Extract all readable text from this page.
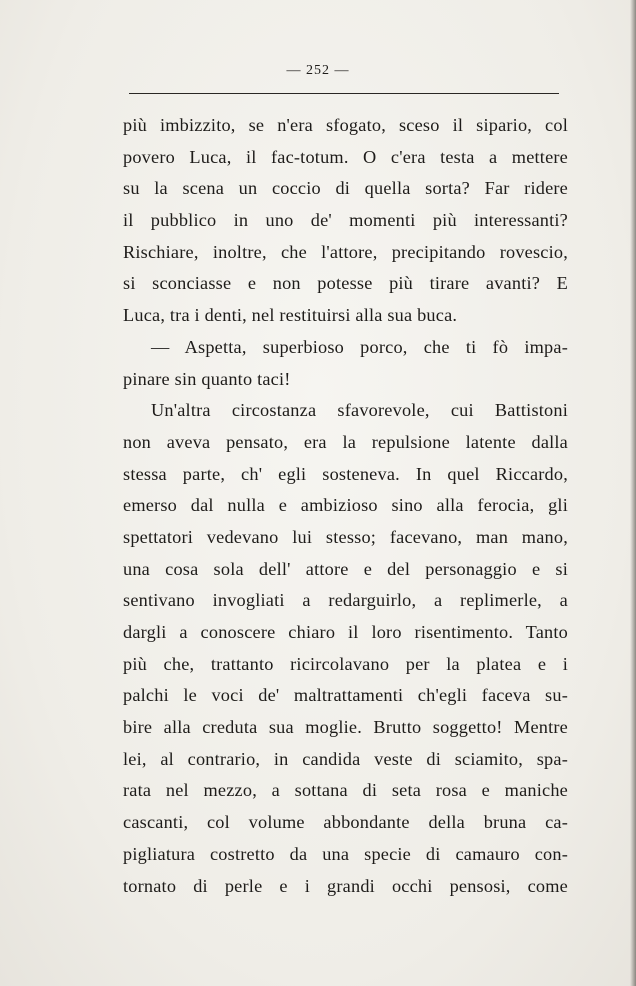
— 252 —
più imbizzito, se n'era sfogato, sceso il sipario, col
povero Luca, il fac-totum. O c'era testa a mettere
su la scena un coccio di quella sorta? Far ridere
il pubblico in uno de' momenti più interessanti?
Rischiare, inoltre, che l'attore, precipitando rovescio,
si sconciasse e non potesse più tirare avanti? E
Luca, tra i denti, nel restituirsi alla sua buca.
— Aspetta, superbioso porco, che ti fò impa-
pinare sin quanto taci!
Un'altra circostanza sfavorevole, cui Battistoni
non aveva pensato, era la repulsione latente dalla
stessa parte, ch' egli sosteneva. In quel Riccardo,
emerso dal nulla e ambizioso sino alla ferocia, gli
spettatori vedevano lui stesso; facevano, man mano,
una cosa sola dell' attore e del personaggio e si
sentivano invogliati a redarguirlo, a replimerle, a
dargli a conoscere chiaro il loro risentimento. Tanto
più che, trattanto ricircolavano per la platea e i
palchi le voci de' maltrattamenti ch'egli faceva su-
bire alla creduta sua moglie. Brutto soggetto! Mentre
lei, al contrario, in candida veste di sciamito, spa-
rata nel mezzo, a sottana di seta rosa e maniche
cascanti, col volume abbondante della bruna ca-
pigliatura costretto da una specie di camauro con-
tornato di perle e i grandi occhi pensosi, come
